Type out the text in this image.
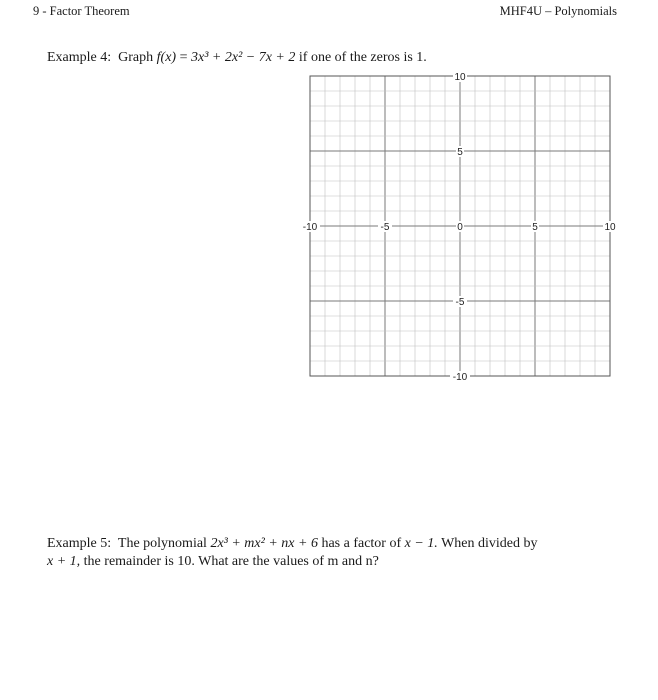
9 - Factor Theorem	MHF4U – Polynomials
Example 4: Graph f(x) = 3x³ + 2x² − 7x + 2 if one of the zeros is 1.
-10	-5	0	5	10
10
5
-5
-10
Example 5: The polynomial 2x³ + mx² + nx + 6 has a factor of x − 1. When divided by
x + 1, the remainder is 10. What are the values of m and n?
